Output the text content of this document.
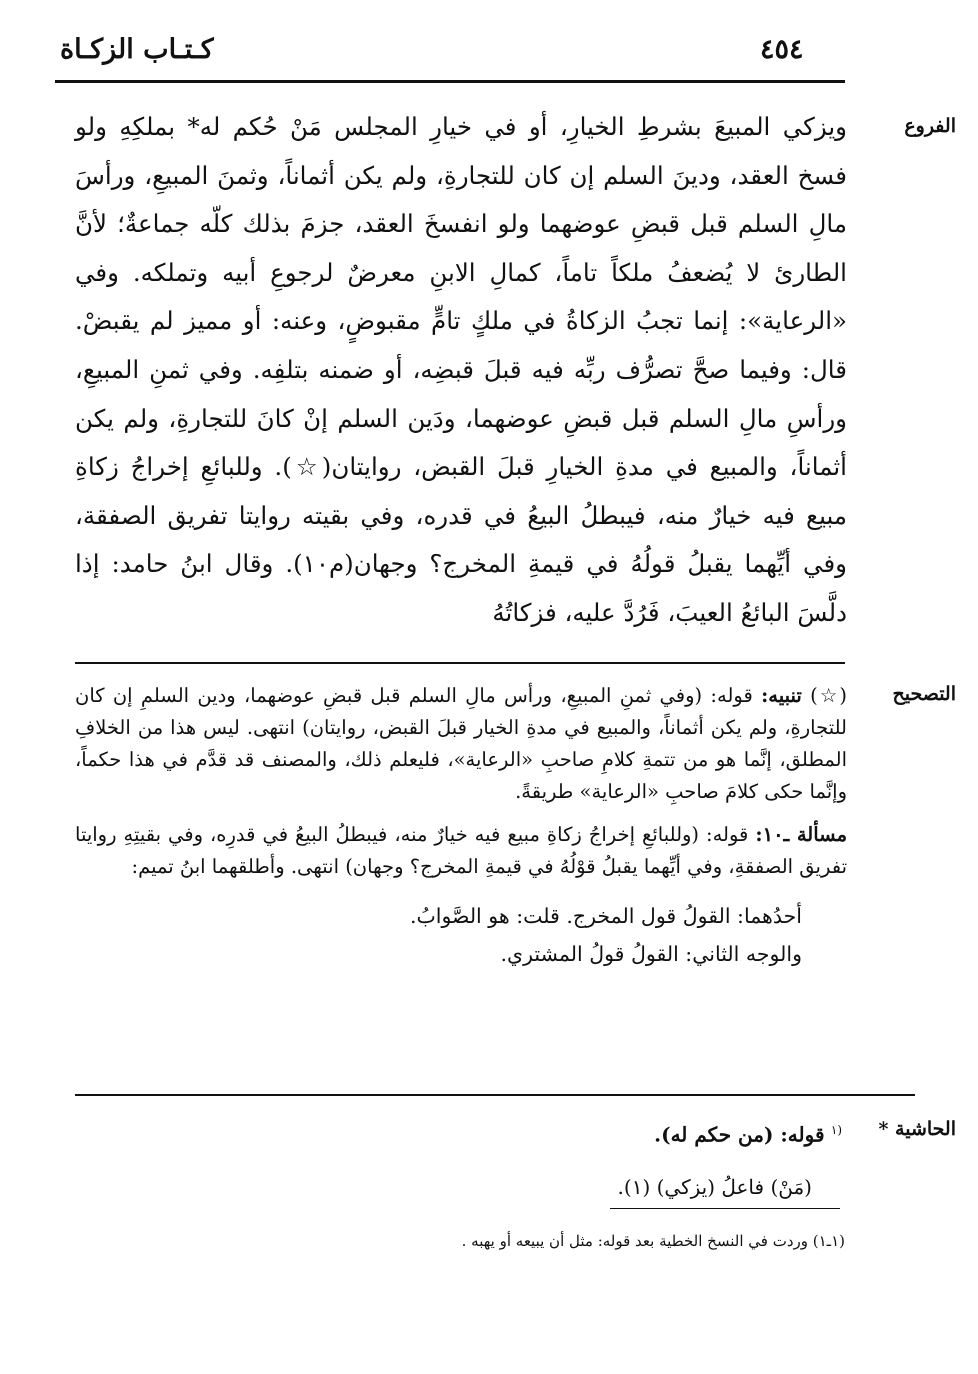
كـتـاب الزكـاة	٤٥٤
الفروع
ويزكي المبيعَ بشرطِ الخيارِ، أو في خيارِ المجلس مَنْ حُكم له* بملكِهِ ولو فسخ العقد، ودينَ السلم إن كان للتجارةِ، ولم يكن أثماناً، وثمنَ المبيعِ، ورأسَ مالِ السلم قبل قبضِ عوضهما ولو انفسخَ العقد، جزمَ بذلك كلّه جماعةٌ؛ لأنَّ الطارئ لا يُضعفُ ملكاً تاماً، كمالِ الابنِ معرضٌ لرجوعِ أبيه وتملكه. وفي «الرعاية»: إنما تجبُ الزكاةُ في ملكٍ تامٍّ مقبوضٍ، وعنه: أو مميز لم يقبضْ. قال: وفيما صحَّ تصرُّف ربِّه فيه قبلَ قبضِه، أو ضمنه بتلفِه. وفي ثمنِ المبيعِ، ورأسِ مالِ السلم قبل قبضِ عوضهما، ودَين السلم إنْ كانَ للتجارةِ، ولم يكن أثماناً، والمبيع في مدةِ الخيارِ قبلَ القبض، روايتان(☆). وللبائعِ إخراجُ زكاةِ مبيع فيه خيارٌ منه، فيبطلُ البيعُ في قدره، وفي بقيته روايتا تفريق الصفقة، وفي أيِّهما يقبلُ قولُهُ في قيمةِ المخرج؟ وجهان(م١٠). وقال ابنُ حامد: إذا دلَّسَ البائعُ العيبَ، فَرُدَّ عليه، فزكاتُهُ
التصحيح

(☆) تنبيه: قوله: (وفي ثمنِ المبيعِ، ورأس مالِ السلم قبل قبضِ عوضهما، ودين السلمِ إن كان للتجارةِ، ولم يكن أثماناً، والمبيع في مدةِ الخيار قبلَ القبض، روايتان) انتهى. ليس هذا من الخلافِ المطلق، إنَّما هو من تتمةِ كلامِ صاحبِ «الرعاية»، فليعلم ذلك، والمصنف قد قدَّم في هذا حكماً، وإنَّما حكى كلامَ صاحبِ «الرعاية» طريقةً.

مسألة ـ١٠: قوله: (وللبائعِ إخراجُ زكاةِ مبيع فيه خيارٌ منه، فيبطلُ البيعُ في قدرِه، وفي بقيتِهِ روايتا تفريق الصفقةِ، وفي أيِّهما يقبلُ قوْلُهُ في قيمةِ المخرج؟ وجهان) انتهى. وأطلقهما ابنُ تميم:

أحدُهما: القولُ قول المخرج. قلت: هو الصَّوابُ.

والوجه الثاني: القولُ قولُ المشتري.

الحاشية *

$^{(١}$ قوله: (من حكم له).

(مَنْ) فاعلُ (يزكي) (١).

(١ـ١) وردت في النسخ الخطية بعد قوله: مثل أن يبيعه أو يهبه .
